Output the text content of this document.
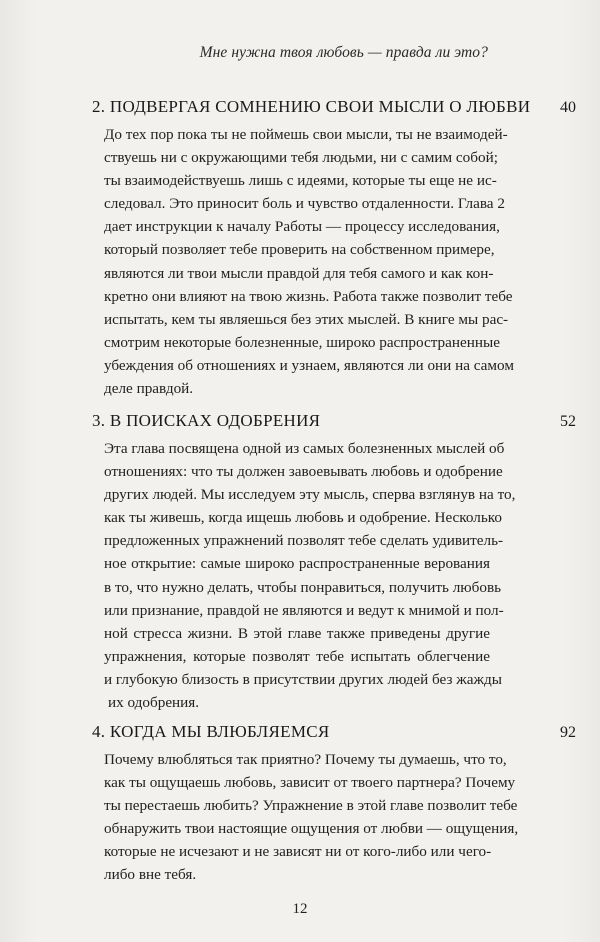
Мне нужна твоя любовь — правда ли это?
2. ПОДВЕРГАЯ СОМНЕНИЮ СВОИ МЫСЛИ О ЛЮБВИ 40
До тех пор пока ты не поймешь свои мысли, ты не взаимодей-
ствуешь ни с окружающими тебя людьми, ни с самим собой;
ты взаимодействуешь лишь с идеями, которые ты еще не ис-
следовал. Это приносит боль и чувство отдаленности. Глава 2
дает инструкции к началу Работы — процессу исследования,
который позволяет тебе проверить на собственном примере,
являются ли твои мысли правдой для тебя самого и как кон-
кретно они влияют на твою жизнь. Работа также позволит тебе
испытать, кем ты являешься без этих мыслей. В книге мы рас-
смотрим некоторые болезненные, широко распространенные
убеждения об отношениях и узнаем, являются ли они на самом
деле правдой.
3. В ПОИСКАХ ОДОБРЕНИЯ	52
Эта глава посвящена одной из самых болезненных мыслей об
отношениях: что ты должен завоевывать любовь и одобрение
других людей. Мы исследуем эту мысль, сперва взглянув на то,
как ты живешь, когда ищешь любовь и одобрение. Несколько
предложенных упражнений позволят тебе сделать удивитель-
ное открытие: самые широко распространенные верования
в то, что нужно делать, чтобы понравиться, получить любовь
или признание, правдой не являются и ведут к мнимой и пол-
ной стресса жизни. В этой главе также приведены другие
упражнения, которые позволят тебе испытать облегчение
и глубокую близость в присутствии других людей без жажды
их одобрения.
4. КОГДА МЫ ВЛЮБЛЯЕМСЯ	92
Почему влюбляться так приятно? Почему ты думаешь, что то,
как ты ощущаешь любовь, зависит от твоего партнера? Почему
ты перестаешь любить? Упражнение в этой главе позволит тебе
обнаружить твои настоящие ощущения от любви — ощущения,
которые не исчезают и не зависят ни от кого-либо или чего-
либо вне тебя.
12
